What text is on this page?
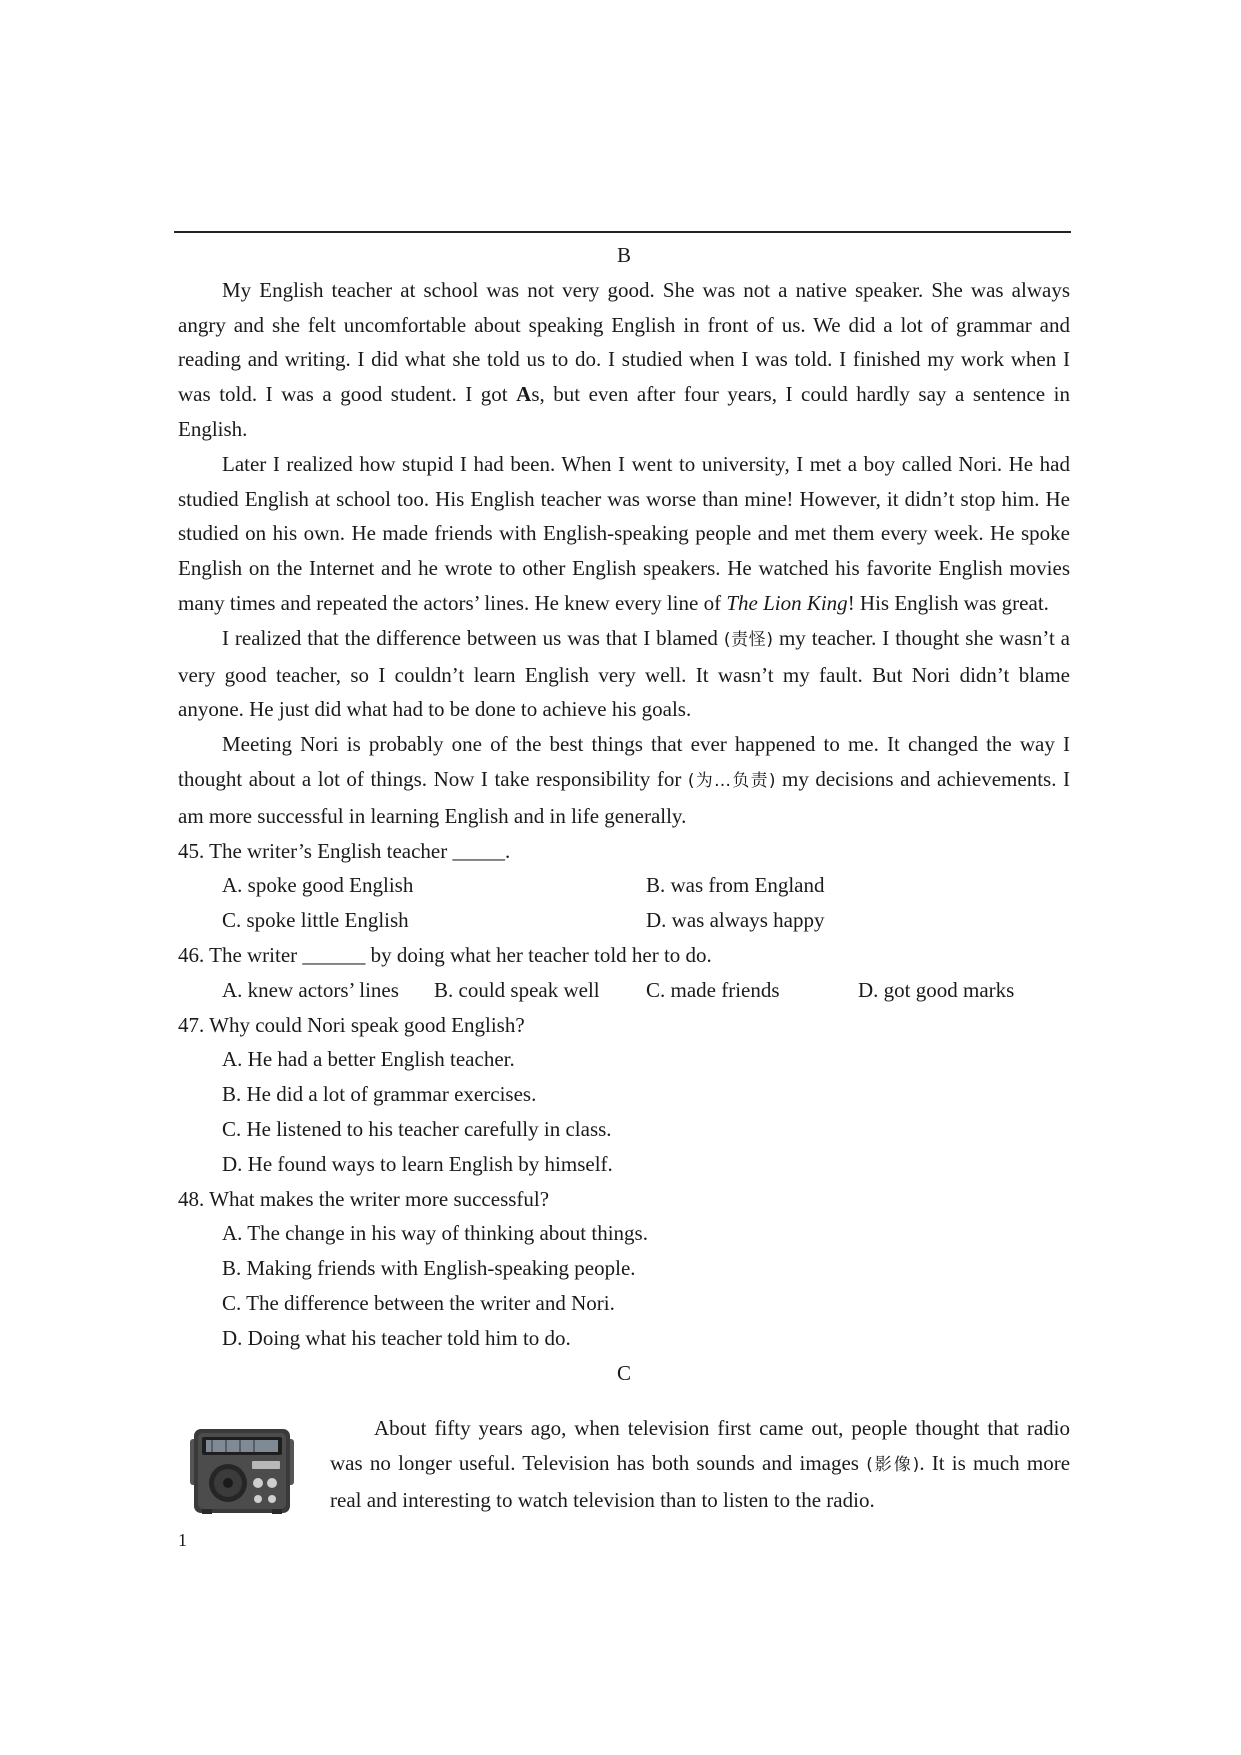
B

My English teacher at school was not very good. She was not a native speaker. She was always angry and she felt uncomfortable about speaking English in front of us. We did a lot of grammar and reading and writing. I did what she told us to do. I studied when I was told. I finished my work when I was told. I was a good student. I got As, but even after four years, I could hardly say a sentence in English.

Later I realized how stupid I had been. When I went to university, I met a boy called Nori. He had studied English at school too. His English teacher was worse than mine! However, it didn’t stop him. He studied on his own. He made friends with English-speaking people and met them every week. He spoke English on the Internet and he wrote to other English speakers. He watched his favorite English movies many times and repeated the actors’ lines. He knew every line of The Lion King! His English was great.

I realized that the difference between us was that I blamed (责怪) my teacher. I thought she wasn’t a very good teacher, so I couldn’t learn English very well. It wasn’t my fault. But Nori didn’t blame anyone. He just did what had to be done to achieve his goals.

Meeting Nori is probably one of the best things that ever happened to me. It changed the way I thought about a lot of things. Now I take responsibility for (为…负责) my decisions and achievements. I am more successful in learning English and in life generally.

45. The writer’s English teacher _____.

A. spoke good English	B. was from England
C. spoke little English	D. was always happy

46. The writer ______ by doing what her teacher told her to do.

A. knew actors’ lines	B. could speak well	C. made friends	D. got good marks

47. Why could Nori speak good English?

A. He had a better English teacher.

B. He did a lot of grammar exercises.

C. He listened to his teacher carefully in class.

D. He found ways to learn English by himself.

48. What makes the writer more successful?

A. The change in his way of thinking about things.

B. Making friends with English-speaking people.

C. The difference between the writer and Nori.

D. Doing what his teacher told him to do.

C

About fifty years ago, when television first came out, people thought that radio was no longer useful. Television has both sounds and images (影像). It is much more real and interesting to watch television than to listen to the radio.

1
